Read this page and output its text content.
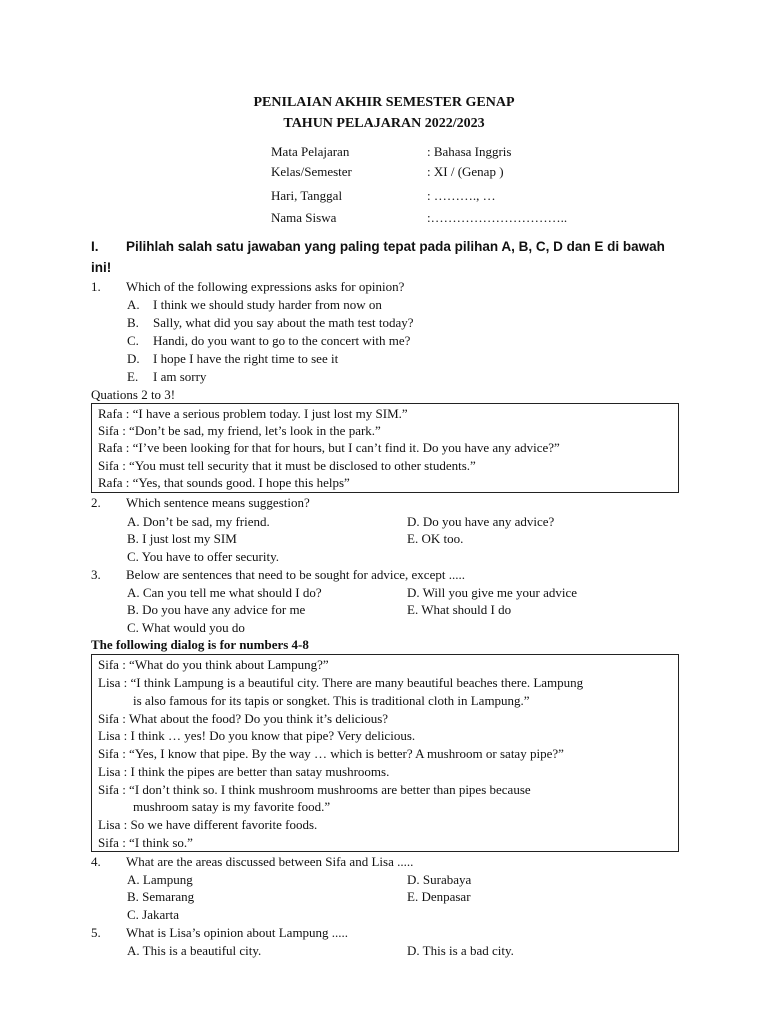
PENILAIAN AKHIR SEMESTER GENAP
TAHUN PELAJARAN 2022/2023
Mata Pelajaran	: Bahasa Inggris
Kelas/Semester	: XI / (Genap )
Hari, Tanggal	: ………., …
Nama Siswa	:…………………………..
I. Pilihlah salah satu jawaban yang paling tepat pada pilihan A, B, C, D dan E di bawah
ini!
1. Which of the following expressions asks for opinion?
A. I think we should study harder from now on
B. Sally, what did you say about the math test today?
C. Handi, do you want to go to the concert with me?
D. I hope I have the right time to see it
E. I am sorry
Quations 2 to 3!
Rafa : “I have a serious problem today. I just lost my SIM.”
Sifa : “Don’t be sad, my friend, let’s look in the park.”
Rafa : “I’ve been looking for that for hours, but I can’t find it. Do you have any advice?”
Sifa : “You must tell security that it must be disclosed to other students.”
Rafa : “Yes, that sounds good. I hope this helps”
2. Which sentence means suggestion?
A. Don’t be sad, my friend.	D. Do you have any advice?
B. I just lost my SIM	E. OK too.
C. You have to offer security.
3. Below are sentences that need to be sought for advice, except .....
A. Can you tell me what should I do?	D. Will you give me your advice
B. Do you have any advice for me	E. What should I do
C. What would you do
The following dialog is for numbers 4-8
Sifa : “What do you think about Lampung?”
Lisa : “I think Lampung is a beautiful city. There are many beautiful beaches there. Lampung
is also famous for its tapis or songket. This is traditional cloth in Lampung.”
Sifa : What about the food? Do you think it’s delicious?
Lisa : I think … yes! Do you know that pipe? Very delicious.
Sifa : “Yes, I know that pipe. By the way … which is better? A mushroom or satay pipe?”
Lisa : I think the pipes are better than satay mushrooms.
Sifa : “I don’t think so. I think mushroom mushrooms are better than pipes because
mushroom satay is my favorite food.”
Lisa : So we have different favorite foods.
Sifa : “I think so.”
4. What are the areas discussed between Sifa and Lisa .....
A. Lampung	D. Surabaya
B. Semarang	E. Denpasar
C. Jakarta
5. What is Lisa’s opinion about Lampung .....
A. This is a beautiful city.	D. This is a bad city.
